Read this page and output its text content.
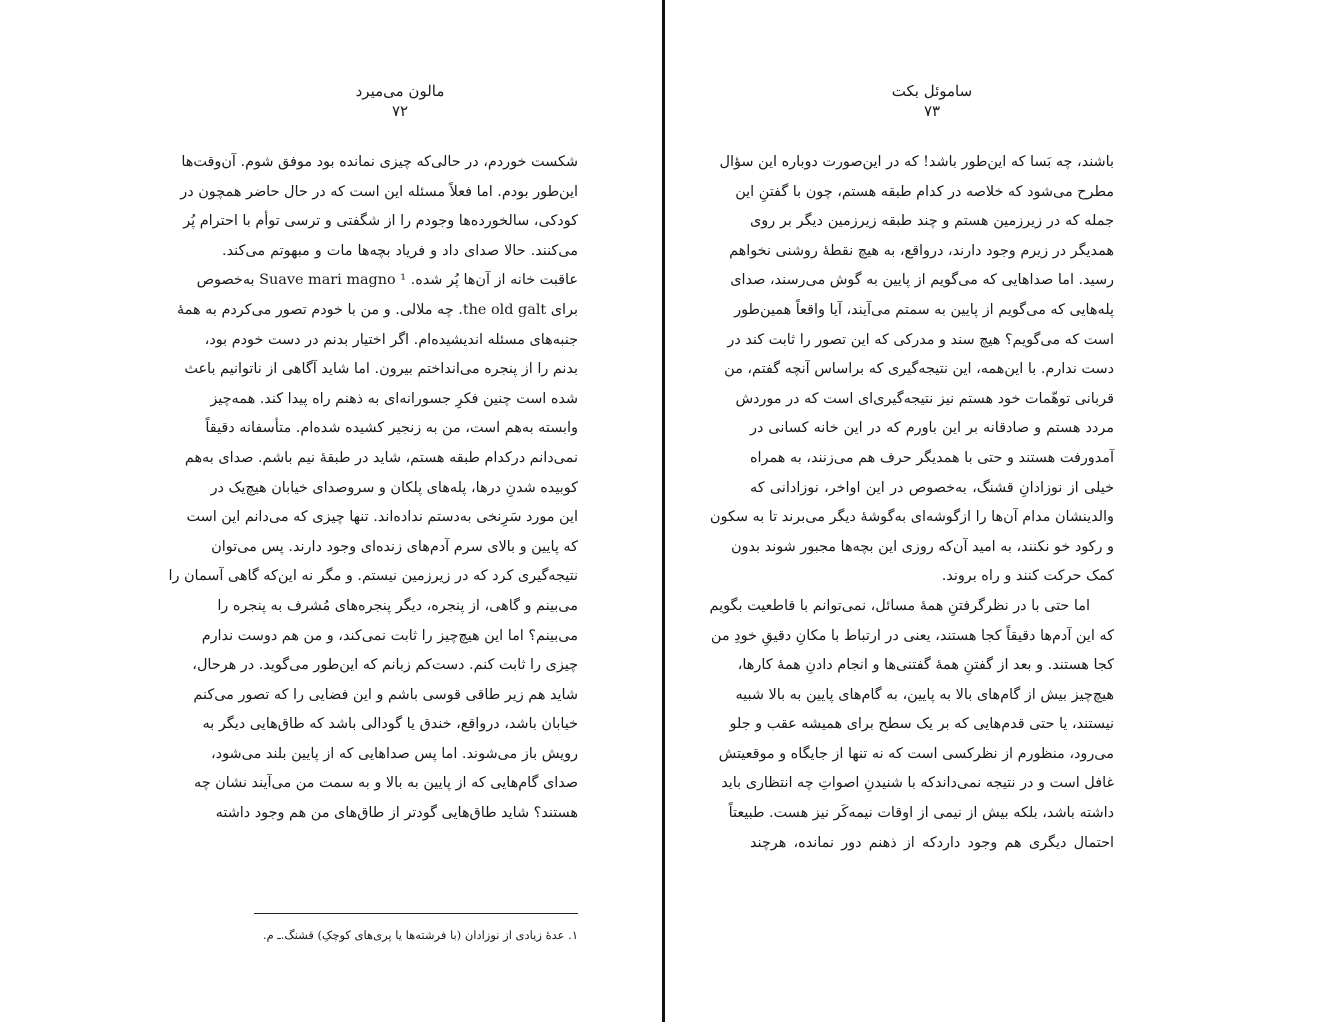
مالون می‌میرد
۷۲
شکست خوردم، در حالی‌که چیزی نمانده بود موفق شوم. آن‌وقت‌ها
این‌طور بودم. اما فعلاً مسئله این است که در حال حاضر همچون در
کودکی، سالخورده‌ها وجودم را از شگفتی و ترسی توأم با احترام پُر
می‌کنند. حالا صدای داد و فریاد بچه‌ها مات و مبهوتم می‌کند.
عاقبت خانه از آن‌ها پُر شده. ¹ Suave mari magno به‌خصوص
برای the old galt. چه ملالی. و من با خودم تصور می‌کردم به همهٔ
جنبه‌های مسئله اندیشیده‌ام. اگر اختیار بدنم در دست خودم بود،
بدنم را از پنجره می‌انداختم بیرون. اما شاید آگاهی از ناتوانیم باعث
شده است چنین فکرِ جسورانه‌ای به ذهنم راه پیدا کند. همه‌چیز
وابسته به‌هم است، من به زنجیر کشیده شده‌ام. متأسفانه دقیقاً
نمی‌دانم درکدام طبقه هستم، شاید در طبقهٔ نیم باشم. صدای به‌هم
کوبیده شدنِ درها، پله‌های پلکان و سروصدای خیابان هیچ‌یک در
این مورد سَرِنخی به‌دستم نداده‌اند. تنها چیزی که می‌دانم این است
که پایین و بالای سرم آدم‌های زنده‌ای وجود دارند. پس می‌توان
نتیجه‌گیری کرد که در زیرزمین نیستم. و مگر نه این‌که گاهی آسمان را
می‌بینم و گاهی، از پنجره، دیگر پنجره‌های مُشرف به پنجره را
می‌بینم؟ اما این هیچ‌چیز را ثابت نمی‌کند، و من هم دوست ندارم
چیزی را ثابت کنم. دست‌کم زبانم که این‌طور می‌گوید. در هرحال،
شاید هم زیر طاقی قوسی باشم و این فضایی را که تصور می‌کنم
خیابان باشد، درواقع، خندق یا گودالی باشد که طاق‌هایی دیگر به
رویش باز می‌شوند. اما پس صداهایی که از پایین بلند می‌شود،
صدای گام‌هایی که از پایین به بالا و به سمت من می‌آیند نشان چه
هستند؟ شاید طاق‌هایی گودتر از طاق‌های من هم وجود داشته
۱. عدهٔ زیادی از نوزادان (با فرشته‌ها یا پری‌های کوچکِ) قشنگ.ـ م.
ساموئل بکت
۷۳
باشند، چه بَسا که این‌طور باشد! که در این‌صورت دوباره این سؤال
مطرح می‌شود که خلاصه در کدام طبقه هستم، چون با گفتنِ این
جمله که در زیرزمین هستم و چند طبقه زیرزمین دیگر بر روی
همدیگر در زیرم وجود دارند، درواقع، به هیچ نقطهٔ روشنی نخواهم
رسید. اما صداهایی که می‌گویم از پایین به گوش می‌رسند، صدای
پله‌هایی که می‌گویم از پایین به سمتم می‌آیند، آیا واقعاً همین‌طور
است که می‌گویم؟ هیچ سند و مدرکی که این تصور را ثابت کند در
دست ندارم. با این‌همه، این نتیجه‌گیری که براساس آنچه گفتم، من
قربانی توهّمات خود هستم نیز نتیجه‌گیری‌ای است که در موردش
مردد هستم و صادقانه بر این باورم که در این خانه کسانی در
آمدورفت هستند و حتی با همدیگر حرف هم می‌زنند، به همراه
خیلی از نوزادانِ قشنگ، به‌خصوص در این اواخر، نوزادانی که
والدینشان مدام آن‌ها را ازگوشه‌ای به‌گوشهٔ دیگر می‌برند تا به سکون
و رکود خو نکنند، به امید آن‌که روزی این بچه‌ها مجبور شوند بدون
کمک حرکت کنند و راه بروند.
اما حتی با در نظرگرفتنِ همهٔ مسائل، نمی‌توانم با قاطعیت بگویم
که این آدم‌ها دقیقاً کجا هستند، یعنی در ارتباط با مکانِ دقیقِ خودِ من
کجا هستند. و بعد از گفتنِ همهٔ گفتنی‌ها و انجام دادنِ همهٔ کارها،
هیچ‌چیز بیش از گام‌های بالا به پایین، به گام‌های پایین به بالا شبیه
نیستند، یا حتی قدم‌هایی که بر یک سطح برای همیشه عقب و جلو
می‌رود، منظورم از نظرکسی است که نه تنها از جایگاه و موقعیتش
غافل است و در نتیجه نمی‌داندکه با شنیدنِ اصواتِ چه انتظاری باید
داشته باشد، بلکه بیش از نیمی از اوقات نیمه‌کَر نیز هست. طبیعتاً
احتمال دیگری هم وجود داردکه از ذهنم دور نمانده، هرچند
